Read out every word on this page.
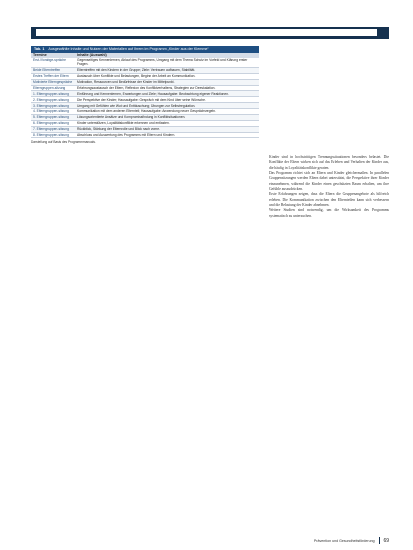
Tab. 1 Ausgewählte Inhalte und Nutzen der Materialien auf Ihrem im Programm „Kinder aus der Klemme“
Termine	Inhalte (Auswahl)
Erst-/Vorabge-spräche	Gegenseitiges Kennenlernen, Ablauf des Programms, Umgang mit dem Thema Schutz im Vorfeld und Klärung erster Fragen.
Beide Elterntreffen	Elterntreffen mit den Kindern in der Gruppe; Ziele: Vertrauen aufbauen, Stabilität.
Erstes Treffen der Eltern	Austausch über Konflikte und Belastungen, Beginn der Arbeit an Kommunikation.
Motivierte Elterngespräche	Motivation, Ressourcen und Bedürfnisse der Kinder im Mittelpunkt.
Elterngruppen-sitzung	Erfahrungsaustausch der Eltern, Reflexion des Konfliktverhaltens, Strategien zur Deeskalation.
1. Elterngruppen-sitzung	Einführung und Kennenlernen, Erwartungen und Ziele; Hausaufgabe: Beobachtung eigener Reaktionen.
2. Elterngruppen-sitzung	Die Perspektive der Kinder; Hausaufgabe: Gespräch mit dem Kind über seine Wünsche.
3. Elterngruppen-sitzung	Umgang mit Gefühlen wie Wut und Enttäuschung; Übungen zur Selbstregulation.
4. Elterngruppen-sitzung	Kommunikation mit dem anderen Elternteil; Hausaufgabe: Anwendung neuer Gesprächsregeln.
5. Elterngruppen-sitzung	Lösungsorientierte Ansätze und Kompromissfindung in Konfliktsituationen.
6. Elterngruppen-sitzung	Kinder unterstützen, Loyalitätskonflikte erkennen und entlasten.
7. Elterngruppen-sitzung	Rückblick, Stärkung der Elternrolle und Blick nach vorne.
8. Elterngruppen-sitzung	Abschluss und Auswertung des Programms mit Eltern und Kindern.
Darstellung auf Basis des Programmmanuals.

Kinder sind in hochstrittigen Trennungssituationen besonders belastet. Die Konflikte der Eltern wirken sich auf das Erleben und Verhalten der Kinder aus, die häufig in Loyalitätskonflikte geraten.

Das Programm richtet sich an Eltern und Kinder gleichermaßen. In parallelen Gruppensitzungen werden Eltern dabei unterstützt, die Perspektive ihrer Kinder einzunehmen, während die Kinder einen geschützten Raum erhalten, um ihre Gefühle auszudrücken.

Erste Erfahrungen zeigen, dass die Eltern die Gruppenangebote als hilfreich erleben. Die Kommunikation zwischen den Elternteilen kann sich verbessern und die Belastung der Kinder abnehmen.

Weitere Studien sind notwendig, um die Wirksamkeit des Programms systematisch zu untersuchen.

Prävention und Gesundheitsförderung 69
